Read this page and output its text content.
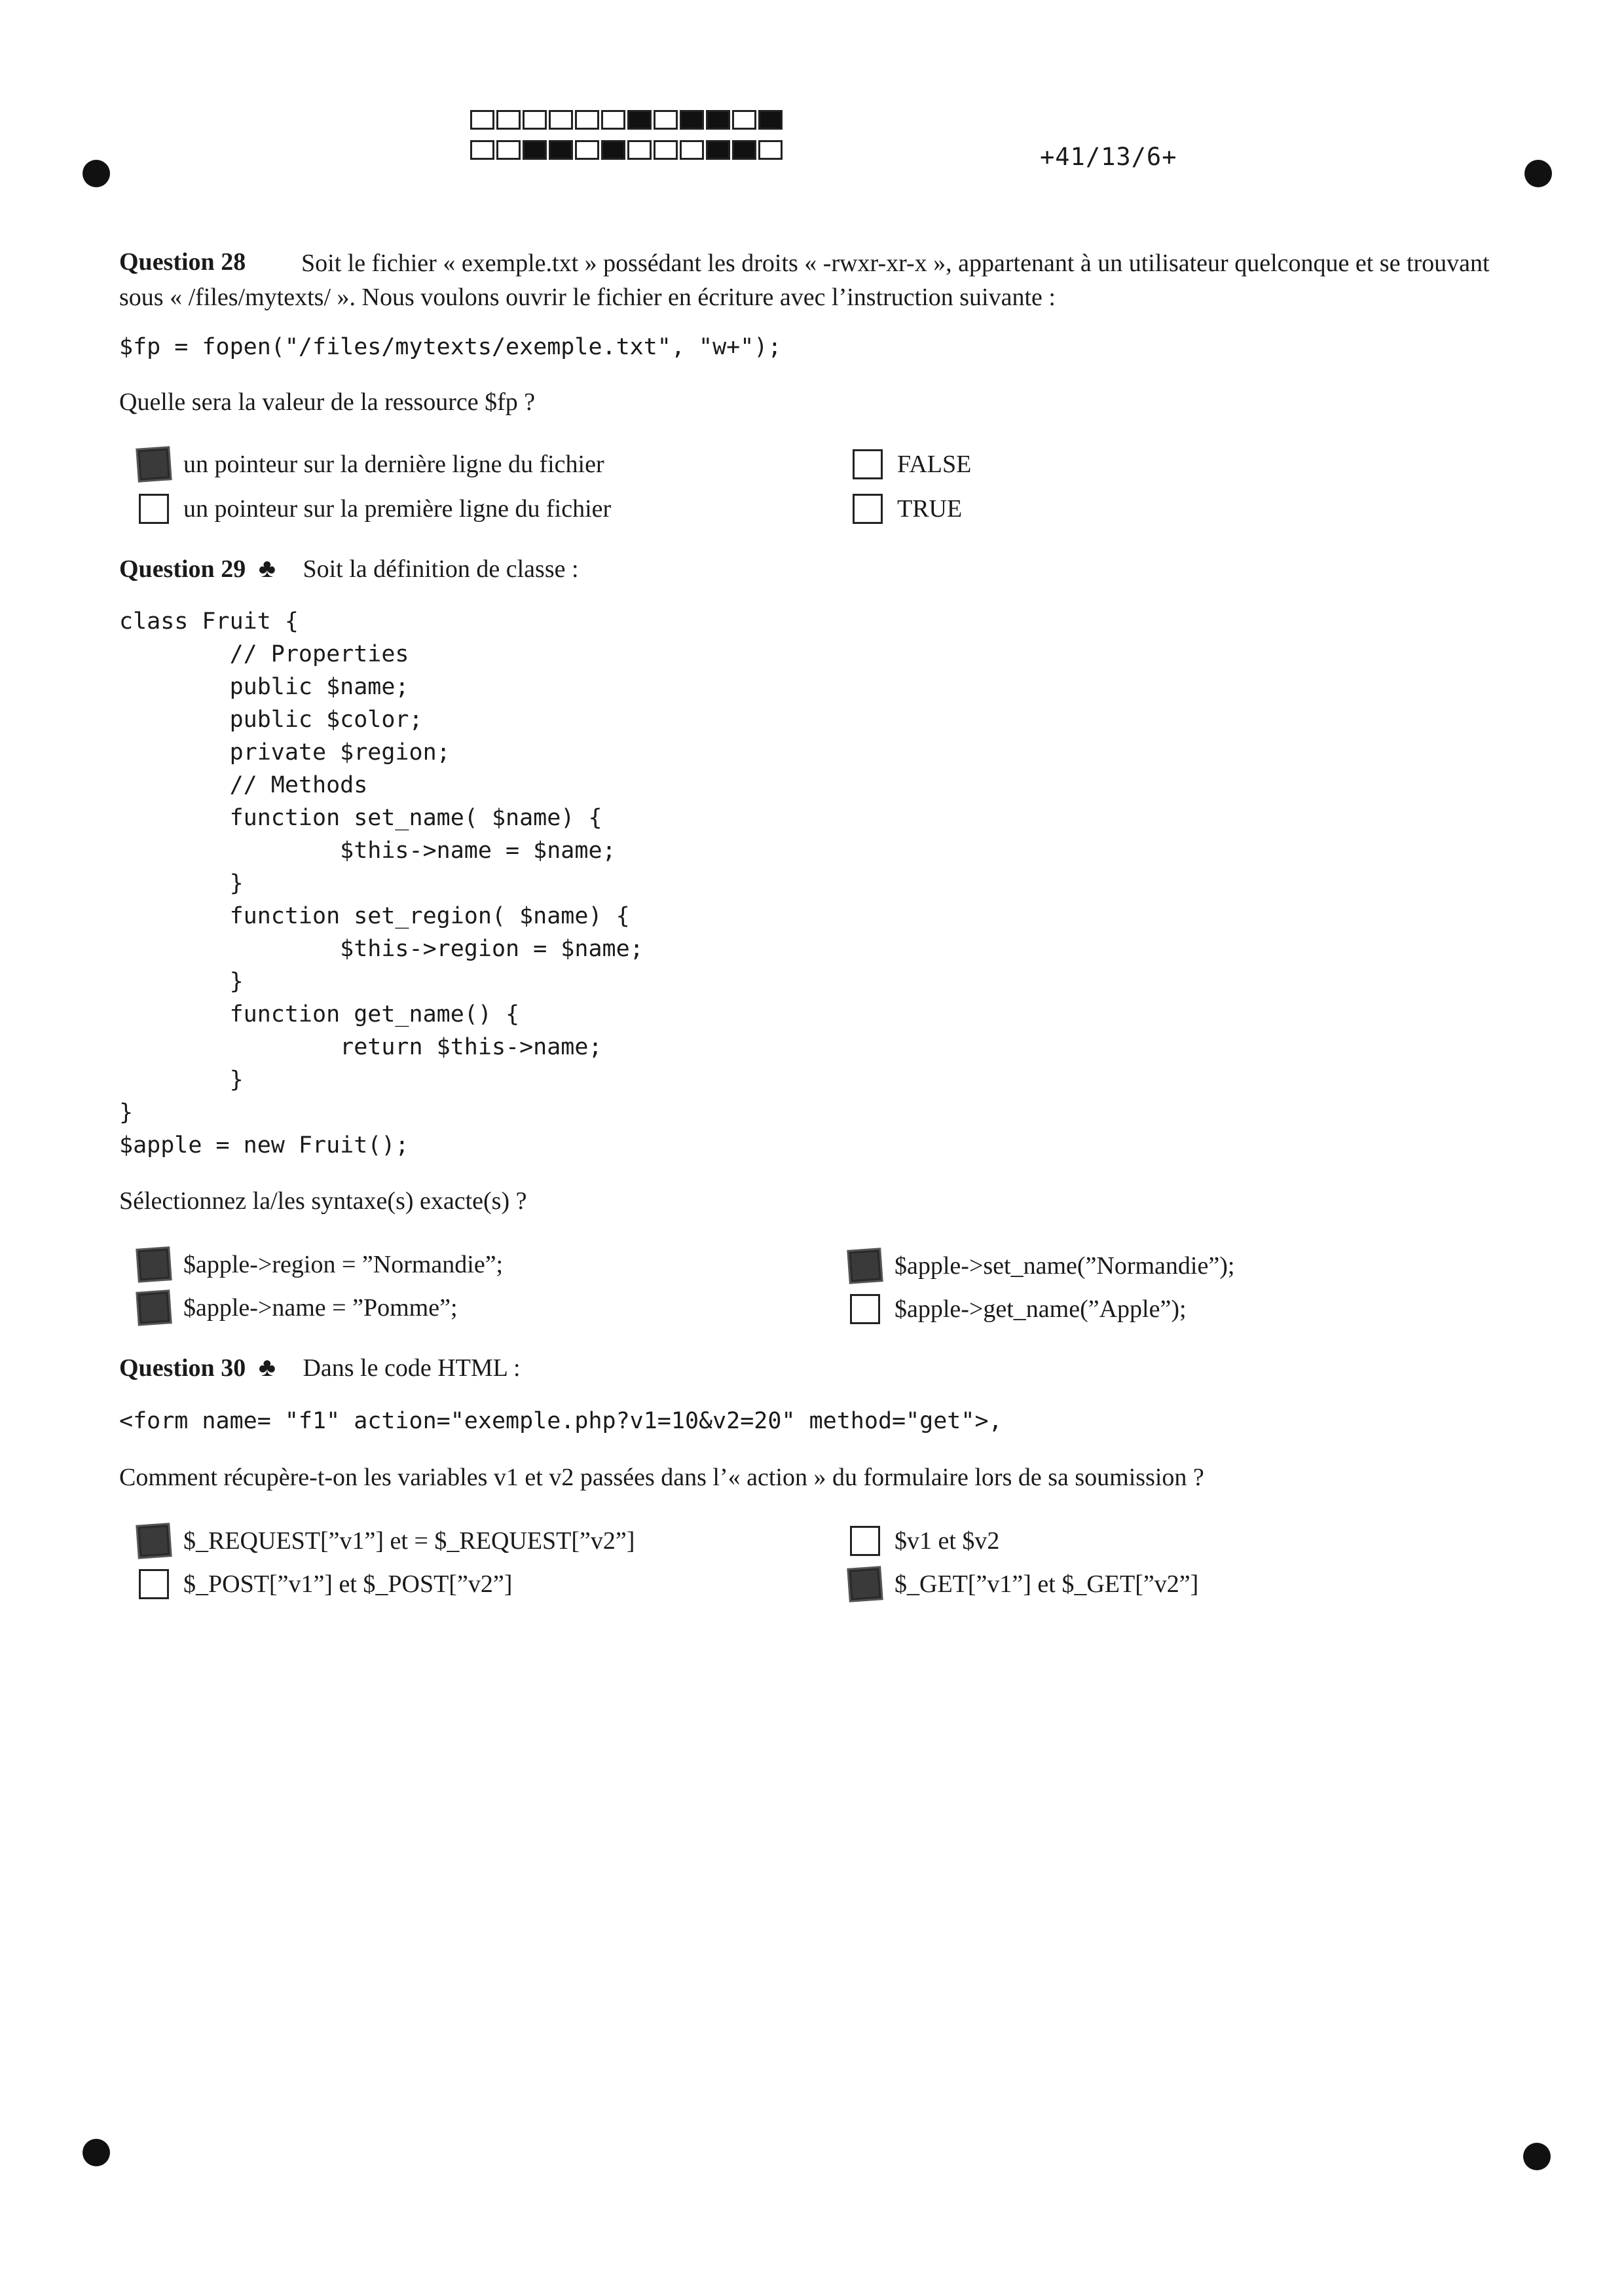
+41/13/6+
Question 28	Soit le fichier « exemple.txt » possédant les droits « -rwxr-xr-x », appartenant à un utilisateur quelconque et se trouvant sous « /files/mytexts/ ». Nous voulons ouvrir le fichier en écriture avec l’instruction suivante :
$fp = fopen("/files/mytexts/exemple.txt", "w+");
Quelle sera la valeur de la ressource $fp ?
un pointeur sur la dernière ligne du fichier
un pointeur sur la première ligne du fichier
FALSE
TRUE
Question 29 ♣ Soit la définition de classe :
class Fruit {
// Properties
public $name;
public $color;
private $region;
// Methods
function set_name( $name) {
$this->name = $name;
}
function set_region( $name) {
$this->region = $name;
}
function get_name() {
return $this->name;
}
}
$apple = new Fruit();
Sélectionnez la/les syntaxe(s) exacte(s) ?
$apple->region = ”Normandie”;
$apple->name = ”Pomme”;
$apple->set_name(”Normandie”);
$apple->get_name(”Apple”);
Question 30 ♣ Dans le code HTML :
<form name= "f1" action="exemple.php?v1=10&v2=20" method="get">,
Comment récupère-t-on les variables v1 et v2 passées dans l’« action » du formulaire lors de sa soumission ?
$_REQUEST[”v1”] et = $_REQUEST[”v2”]
$_POST[”v1”] et $_POST[”v2”]
$v1 et $v2
$_GET[”v1”] et $_GET[”v2”]
